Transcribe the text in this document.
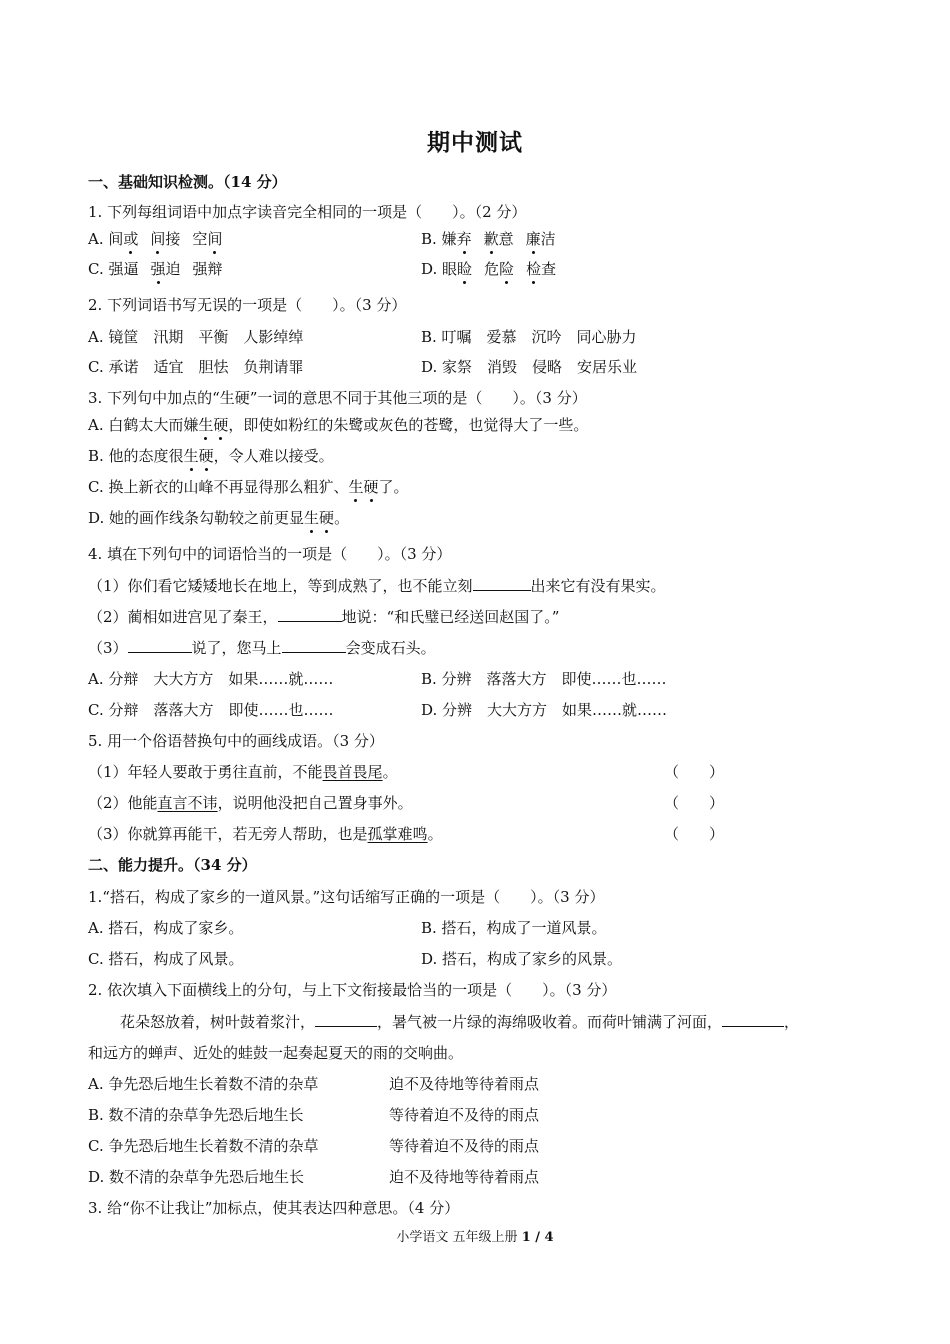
期中测试
一、基础知识检测。（14 分）
1. 下列每组词语中加点字读音完全相同的一项是（　　）。（2 分）
A. 间或 间接 空间	B. 嫌弃 歉意 廉洁
C. 强逼 强迫 强辩	D. 眼睑 危险 检查
2. 下列词语书写无误的一项是（　　）。（3 分）
A. 镜筐　汛期　平衡　人影绰绰	B. 叮嘱　爱慕　沉吟　同心胁力
C. 承诺　适宜　胆怯　负荆请罪	D. 家祭　消毁　侵略　安居乐业
3. 下列句中加点的“生硬”一词的意思不同于其他三项的是（　　）。（3 分）
A. 白鹤太大而嫌生硬，即使如粉红的朱鹭或灰色的苍鹭，也觉得大了一些。
B. 他的态度很生硬，令人难以接受。
C. 换上新衣的山峰不再显得那么粗犷、生硬了。
D. 她的画作线条勾勒较之前更显生硬。
4. 填在下列句中的词语恰当的一项是（　　）。（3 分）
（1）你们看它矮矮地长在地上，等到成熟了，也不能立刻	出来它有没有果实。
（2）蔺相如进宫见了秦王，	地说：“和氏璧已经送回赵国了。”
（3）	说了，您马上	会变成石头。
A. 分辩　大大方方　如果……就……	B. 分辨　落落大方　即使……也……
C. 分辩　落落大方　即使……也……	D. 分辨　大大方方　如果……就……
5. 用一个俗语替换句中的画线成语。（3 分）
（1）年轻人要敢于勇往直前，不能畏首畏尾。	（　　）
（2）他能直言不讳，说明他没把自己置身事外。	（　　）
（3）你就算再能干，若无旁人帮助，也是孤掌难鸣。	（　　）
二、能力提升。（34 分）
1.“搭石，构成了家乡的一道风景。”这句话缩写正确的一项是（　　）。（3 分）
A. 搭石，构成了家乡。	B. 搭石，构成了一道风景。
C. 搭石，构成了风景。	D. 搭石，构成了家乡的风景。
2. 依次填入下面横线上的分句，与上下文衔接最恰当的一项是（　　）。（3 分）
花朵怒放着，树叶鼓着浆汁，	，暑气被一片绿的海绵吸收着。而荷叶铺满了河面，	，
和远方的蝉声、近处的蛙鼓一起奏起夏天的雨的交响曲。
A. 争先恐后地生长着数不清的杂草	迫不及待地等待着雨点
B. 数不清的杂草争先恐后地生长	等待着迫不及待的雨点
C. 争先恐后地生长着数不清的杂草	等待着迫不及待的雨点
D. 数不清的杂草争先恐后地生长	迫不及待地等待着雨点
3. 给“你不让我让”加标点，使其表达四种意思。（4 分）
小学语文 五年级上册 1 / 4
